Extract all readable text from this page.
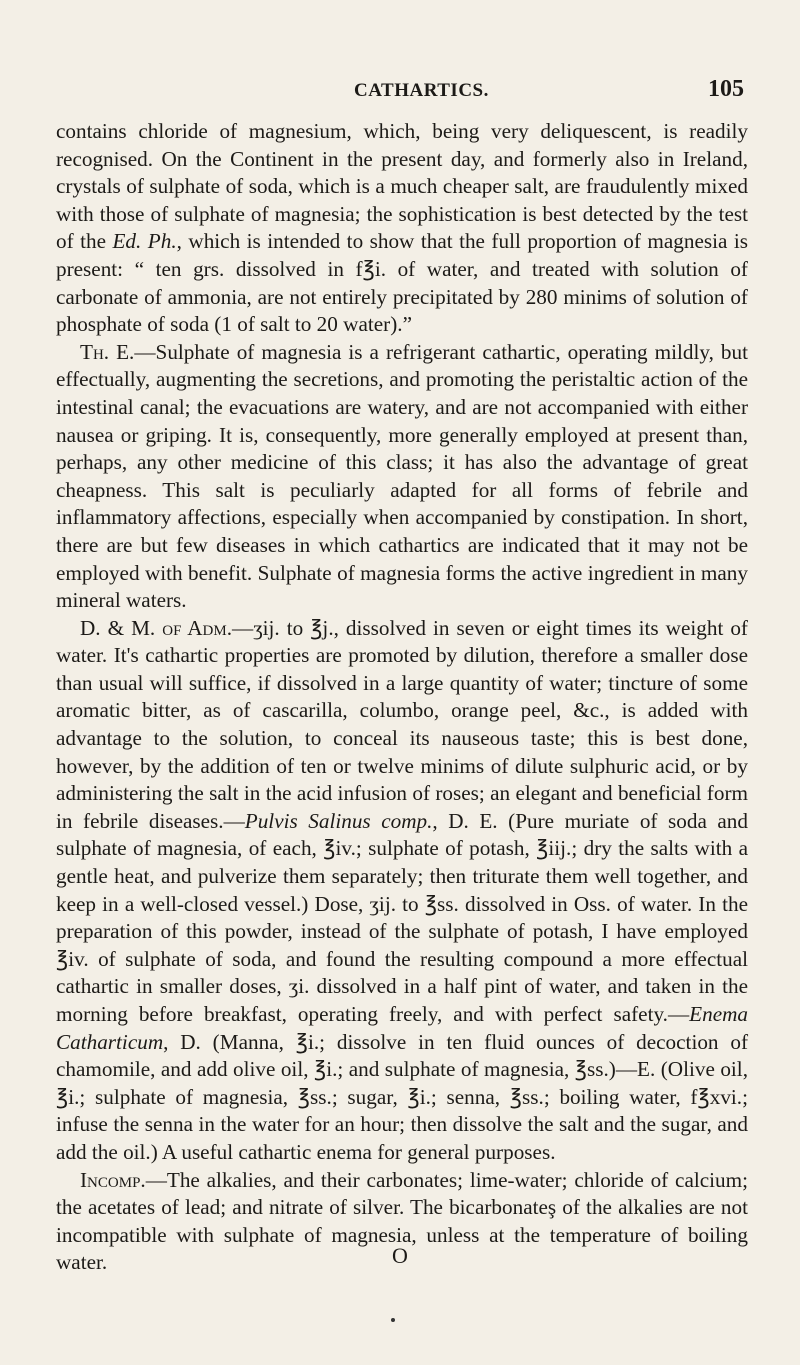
CATHARTICS.	105

contains chloride of magnesium, which, being very deliquescent, is readily recognised. On the Continent in the present day, and formerly also in Ireland, crystals of sulphate of soda, which is a much cheaper salt, are fraudulently mixed with those of sulphate of magnesia; the sophistication is best detected by the test of the Ed. Ph., which is intended to show that the full proportion of magnesia is present: “ ten grs. dissolved in f℥i. of water, and treated with solution of carbonate of ammonia, are not entirely precipitated by 280 minims of solution of phosphate of soda (1 of salt to 20 water).”

Th. E.—Sulphate of magnesia is a refrigerant cathartic, operating mildly, but effectually, augmenting the secretions, and promoting the peristaltic action of the intestinal canal; the evacuations are watery, and are not accompanied with either nausea or griping. It is, consequently, more generally employed at present than, perhaps, any other medicine of this class; it has also the advantage of great cheapness. This salt is peculiarly adapted for all forms of febrile and inflammatory affections, especially when accompanied by constipation. In short, there are but few diseases in which cathartics are indicated that it may not be employed with benefit. Sulphate of magnesia forms the active ingredient in many mineral waters.

D. & M. of Adm.—ʒij. to ℥j., dissolved in seven or eight times its weight of water. It's cathartic properties are promoted by dilution, therefore a smaller dose than usual will suffice, if dissolved in a large quantity of water; tincture of some aromatic bitter, as of cascarilla, columbo, orange peel, &c., is added with advantage to the solution, to conceal its nauseous taste; this is best done, however, by the addition of ten or twelve minims of dilute sulphuric acid, or by administering the salt in the acid infusion of roses; an elegant and beneficial form in febrile diseases.—Pulvis Salinus comp., D. E. (Pure muriate of soda and sulphate of magnesia, of each, ℥iv.; sulphate of potash, ℥iij.; dry the salts with a gentle heat, and pulverize them separately; then triturate them well together, and keep in a well-closed vessel.) Dose, ʒij. to ℥ss. dissolved in Oss. of water. In the preparation of this powder, instead of the sulphate of potash, I have employed ℥iv. of sulphate of soda, and found the resulting compound a more effectual cathartic in smaller doses, ʒi. dissolved in a half pint of water, and taken in the morning before breakfast, operating freely, and with perfect safety.—Enema Catharticum, D. (Manna, ℥i.; dissolve in ten fluid ounces of decoction of chamomile, and add olive oil, ℥i.; and sulphate of magnesia, ℥ss.)—E. (Olive oil, ℥i.; sulphate of magnesia, ℥ss.; sugar, ℥i.; senna, ℥ss.; boiling water, f℥xvi.; infuse the senna in the water for an hour; then dissolve the salt and the sugar, and add the oil.) A useful cathartic enema for general purposes.

Incomp.—The alkalies, and their carbonates; lime-water; chloride of calcium; the acetates of lead; and nitrate of silver. The bicarbonateş of the alkalies are not incompatible with sulphate of magnesia, unless at the temperature of boiling water.	O
